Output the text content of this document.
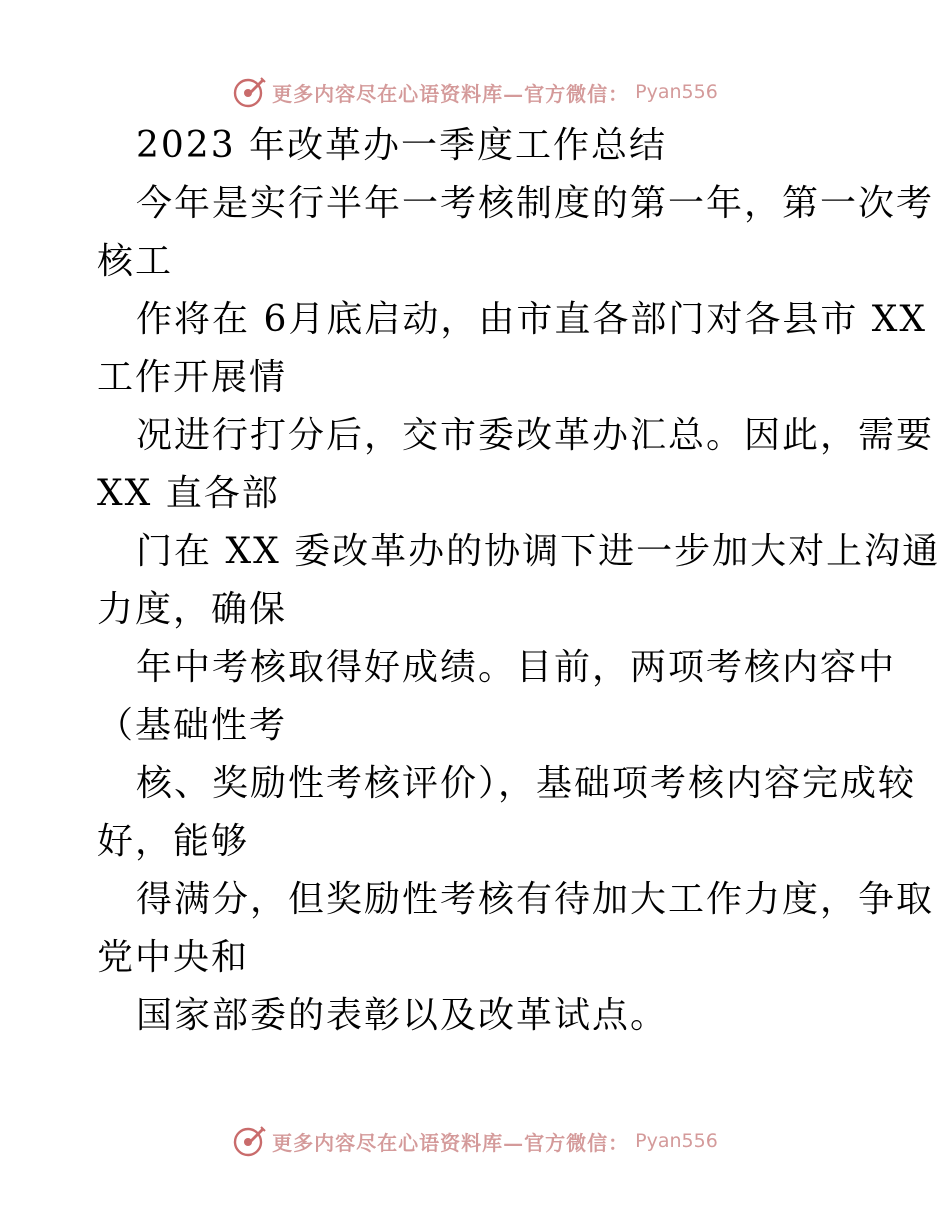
更多内容尽在心语资料库—官方微信： Pyan556
2023 年改革办一季度工作总结
今年是实行半年一考核制度的第一年，第一次考
核工
作将在 6月底启动，由市直各部门对各县市 XX
工作开展情
况进行打分后，交市委改革办汇总。因此，需要
XX 直各部
门在 XX 委改革办的协调下进一步加大对上沟通
力度，确保
年中考核取得好成绩。目前，两项考核内容中
（基础性考
核、奖励性考核评价），基础项考核内容完成较
好，能够
得满分，但奖励性考核有待加大工作力度，争取
党中央和
国家部委的表彰以及改革试点。
更多内容尽在心语资料库—官方微信： Pyan556
